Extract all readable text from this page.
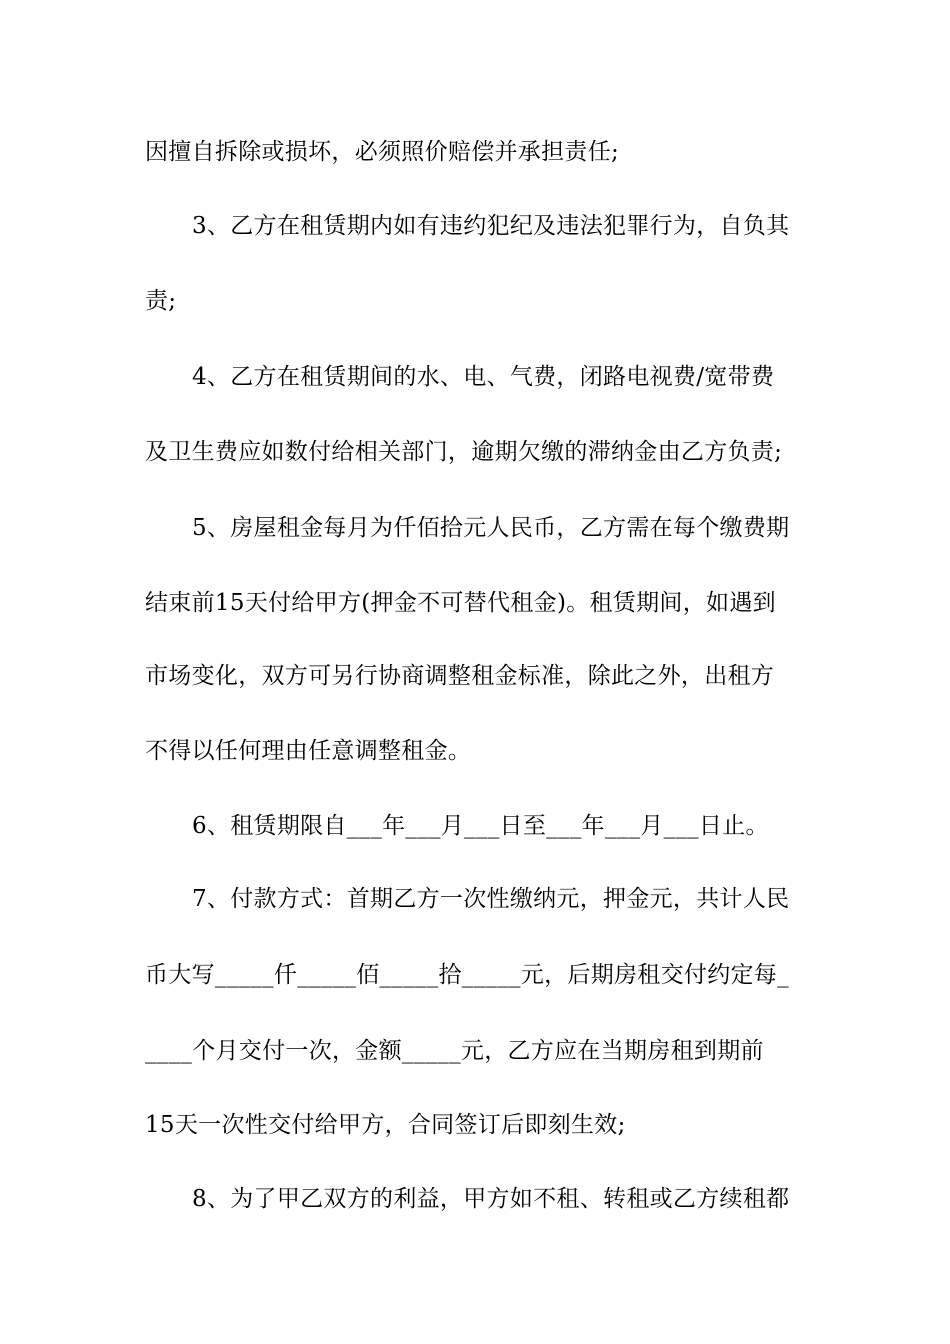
因擅自拆除或损坏，必须照价赔偿并承担责任;
3、乙方在租赁期内如有违约犯纪及违法犯罪行为，自负其
责;
4、乙方在租赁期间的水、电、气费，闭路电视费/宽带费
及卫生费应如数付给相关部门，逾期欠缴的滞纳金由乙方负责;
5、房屋租金每月为仟佰拾元人民币，乙方需在每个缴费期
结束前15天付给甲方(押金不可替代租金)。租赁期间，如遇到
市场变化，双方可另行协商调整租金标准，除此之外，出租方
不得以任何理由任意调整租金。
6、租赁期限自___年___月___日至___年___月___日止。
7、付款方式：首期乙方一次性缴纳元，押金元，共计人民
币大写_____仟_____佰_____拾_____元，后期房租交付约定每_
____个月交付一次，金额_____元，乙方应在当期房租到期前
15天一次性交付给甲方，合同签订后即刻生效;
8、为了甲乙双方的利益，甲方如不租、转租或乙方续租都
